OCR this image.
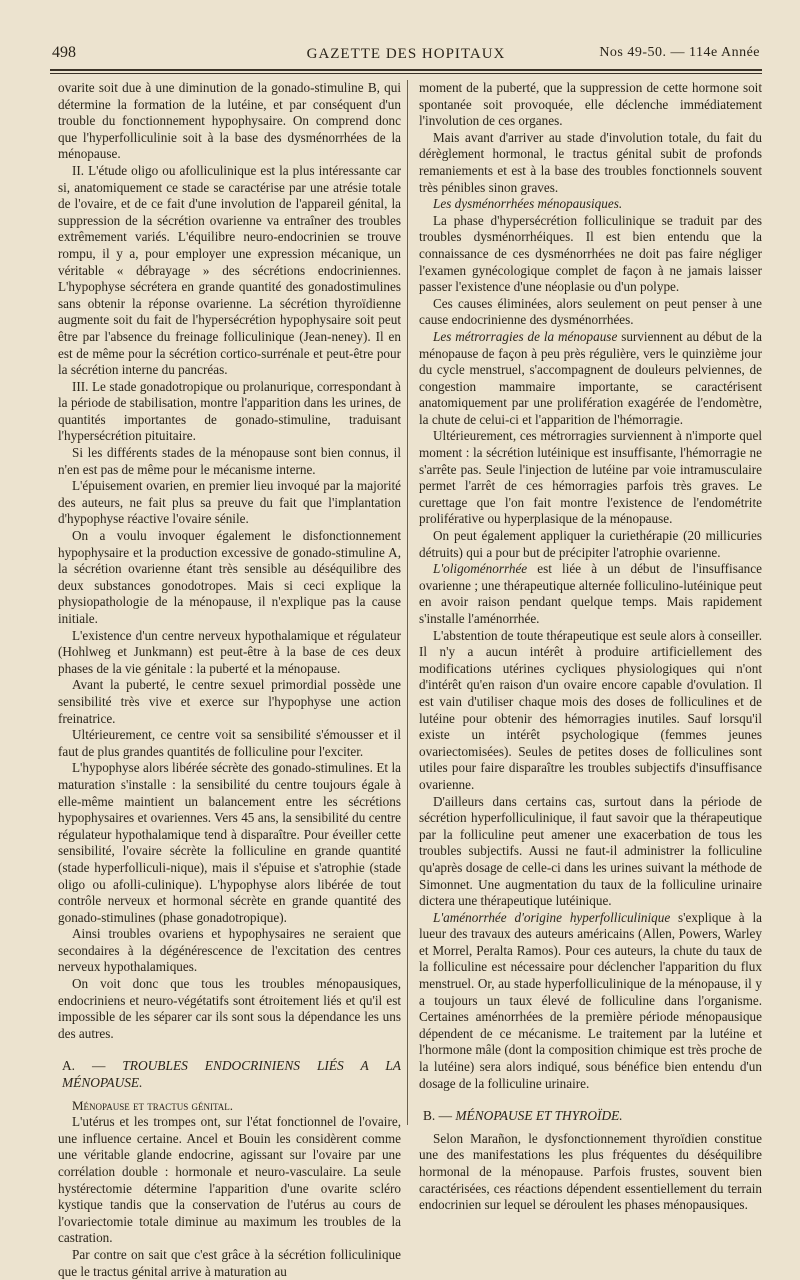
498	GAZETTE DES HOPITAUX	Nos 49-50. — 114e Année

ovarite soit due à une diminution de la gonado-stimuline B, qui détermine la formation de la lutéine, et par conséquent d'un trouble du fonctionnement hypophysaire. On comprend donc que l'hyperfolliculinie soit à la base des dysménorrhées de la ménopause.

II. L'étude oligo ou afolliculinique est la plus intéressante car si, anatomiquement ce stade se caractérise par une atrésie totale de l'ovaire, et de ce fait d'une involution de l'appareil génital, la suppression de la sécrétion ovarienne va entraîner des troubles extrêmement variés. L'équilibre neuro-endocrinien se trouve rompu, il y a, pour employer une expression mécanique, un véritable « débrayage » des sécrétions endocriniennes. L'hypophyse sécrétera en grande quantité des gonadostimulines sans obtenir la réponse ovarienne. La sécrétion thyroïdienne augmente soit du fait de l'hypersécrétion hypophysaire soit peut être par l'absence du freinage folliculinique (Jean-neney). Il en est de même pour la sécrétion cortico-surrénale et peut-être pour la sécrétion interne du pancréas.

III. Le stade gonadotropique ou prolanurique, correspondant à la période de stabilisation, montre l'apparition dans les urines, de quantités importantes de gonado-stimuline, traduisant l'hypersécrétion pituitaire.

Si les différents stades de la ménopause sont bien connus, il n'en est pas de même pour le mécanisme interne.

L'épuisement ovarien, en premier lieu invoqué par la majorité des auteurs, ne fait plus sa preuve du fait que l'implantation d'hypophyse réactive l'ovaire sénile.

On a voulu invoquer également le disfonctionnement hypophysaire et la production excessive de gonado-stimuline A, la sécrétion ovarienne étant très sensible au déséquilibre des deux substances gonodotropes. Mais si ceci explique la physiopathologie de la ménopause, il n'explique pas la cause initiale.

L'existence d'un centre nerveux hypothalamique et régulateur (Hohlweg et Junkmann) est peut-être à la base de ces deux phases de la vie génitale : la puberté et la ménopause.

Avant la puberté, le centre sexuel primordial possède une sensibilité très vive et exerce sur l'hypophyse une action freinatrice.

Ultérieurement, ce centre voit sa sensibilité s'émousser et il faut de plus grandes quantités de folliculine pour l'exciter.

L'hypophyse alors libérée sécrète des gonado-stimulines. Et la maturation s'installe : la sensibilité du centre toujours égale à elle-même maintient un balancement entre les sécrétions hypophysaires et ovariennes. Vers 45 ans, la sensibilité du centre régulateur hypothalamique tend à disparaître. Pour éveiller cette sensibilité, l'ovaire sécrète la folliculine en grande quantité (stade hyperfolliculi-nique), mais il s'épuise et s'atrophie (stade oligo ou afolli-culinique). L'hypophyse alors libérée de tout contrôle nerveux et hormonal sécrète en grande quantité des gonado-stimulines (phase gonadotropique).

Ainsi troubles ovariens et hypophysaires ne seraient que secondaires à la dégénérescence de l'excitation des centres nerveux hypothalamiques.

On voit donc que tous les troubles ménopausiques, endocriniens et neuro-végétatifs sont étroitement liés et qu'il est impossible de les séparer car ils sont sous la dépendance les uns des autres.

A. — TROUBLES ENDOCRINIENS LIÉS A LA MÉNOPAUSE.

Ménopause et tractus génital.

L'utérus et les trompes ont, sur l'état fonctionnel de l'ovaire, une influence certaine. Ancel et Bouin les considèrent comme une véritable glande endocrine, agissant sur l'ovaire par une corrélation double : hormonale et neuro-vasculaire. La seule hystérectomie détermine l'apparition d'une ovarite scléro kystique tandis que la conservation de l'utérus au cours de l'ovariectomie totale diminue au maximum les troubles de la castration.

Par contre on sait que c'est grâce à la sécrétion folliculinique que le tractus génital arrive à maturation au

moment de la puberté, que la suppression de cette hormone soit spontanée soit provoquée, elle déclenche immédiatement l'involution de ces organes.

Mais avant d'arriver au stade d'involution totale, du fait du dérèglement hormonal, le tractus génital subit de profonds remaniements et est à la base des troubles fonctionnels souvent très pénibles sinon graves.

Les dysménorrhées ménopausiques.

La phase d'hypersécrétion folliculinique se traduit par des troubles dysménorrhéiques. Il est bien entendu que la connaissance de ces dysménorrhées ne doit pas faire négliger l'examen gynécologique complet de façon à ne jamais laisser passer l'existence d'une néoplasie ou d'un polype.

Ces causes éliminées, alors seulement on peut penser à une cause endocrinienne des dysménorrhées.

Les métrorragies de la ménopause surviennent au début de la ménopause de façon à peu près régulière, vers le quinzième jour du cycle menstruel, s'accompagnent de douleurs pelviennes, de congestion mammaire importante, se caractérisent anatomiquement par une prolifération exagérée de l'endomètre, la chute de celui-ci et l'apparition de l'hémorragie.

Ultérieurement, ces métrorragies surviennent à n'importe quel moment : la sécrétion lutéinique est insuffisante, l'hémorragie ne s'arrête pas. Seule l'injection de lutéine par voie intramusculaire permet l'arrêt de ces hémorragies parfois très graves. Le curettage que l'on fait montre l'existence de l'endométrite proliférative ou hyperplasique de la ménopause.

On peut également appliquer la curiethérapie (20 millicuries détruits) qui a pour but de précipiter l'atrophie ovarienne.

L'oligoménorrhée est liée à un début de l'insuffisance ovarienne ; une thérapeutique alternée folliculino-lutéinique peut en avoir raison pendant quelque temps. Mais rapidement s'installe l'aménorrhée.

L'abstention de toute thérapeutique est seule alors à conseiller. Il n'y a aucun intérêt à produire artificiellement des modifications utérines cycliques physiologiques qui n'ont d'intérêt qu'en raison d'un ovaire encore capable d'ovulation. Il est vain d'utiliser chaque mois des doses de folliculines et de lutéine pour obtenir des hémorragies inutiles. Sauf lorsqu'il existe un intérêt psychologique (femmes jeunes ovariectomisées). Seules de petites doses de folliculines sont utiles pour faire disparaître les troubles subjectifs d'insuffisance ovarienne.

D'ailleurs dans certains cas, surtout dans la période de sécrétion hyperfolliculinique, il faut savoir que la thérapeutique par la folliculine peut amener une exacerbation de tous les troubles subjectifs. Aussi ne faut-il administrer la folliculine qu'après dosage de celle-ci dans les urines suivant la méthode de Simonnet. Une augmentation du taux de la folliculine urinaire dictera une thérapeutique lutéinique.

L'aménorrhée d'origine hyperfolliculinique s'explique à la lueur des travaux des auteurs américains (Allen, Powers, Warley et Morrel, Peralta Ramos). Pour ces auteurs, la chute du taux de la folliculine est nécessaire pour déclencher l'apparition du flux menstruel. Or, au stade hyperfolliculinique de la ménopause, il y a toujours un taux élevé de folliculine dans l'organisme. Certaines aménorrhées de la première période ménopausique dépendent de ce mécanisme. Le traitement par la lutéine et l'hormone mâle (dont la composition chimique est très proche de la lutéine) sera alors indiqué, sous bénéfice bien entendu d'un dosage de la folliculine urinaire.

B. — MÉNOPAUSE ET THYROÏDE.

Selon Marañon, le dysfonctionnement thyroïdien constitue une des manifestations les plus fréquentes du déséquilibre hormonal de la ménopause. Parfois frustes, souvent bien caractérisées, ces réactions dépendent essentiellement du terrain endocrinien sur lequel se déroulent les phases ménopausiques.
